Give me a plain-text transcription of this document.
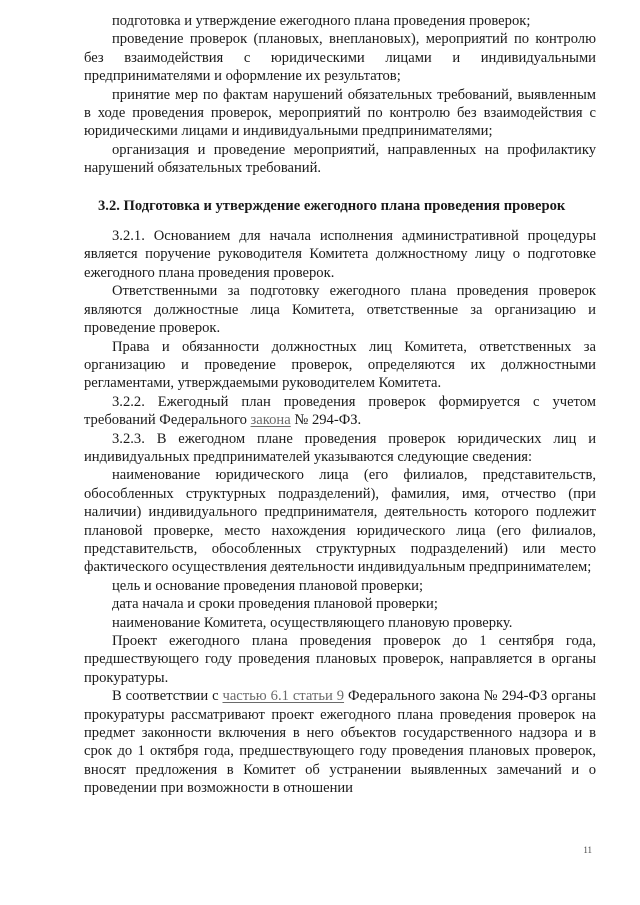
подготовка и утверждение ежегодного плана проведения проверок;

проведение проверок (плановых, внеплановых), мероприятий по контролю без взаимодействия с юридическими лицами и индивидуальными предпринимателями и оформление их результатов;

принятие мер по фактам нарушений обязательных требований, выявленным в ходе проведения проверок, мероприятий по контролю без взаимодействия с юридическими лицами и индивидуальными предпринимателями;

организация и проведение мероприятий, направленных на профилактику нарушений обязательных требований.

3.2. Подготовка и утверждение ежегодного плана проведения проверок

3.2.1. Основанием для начала исполнения административной процедуры является поручение руководителя Комитета должностному лицу о подготовке ежегодного плана проведения проверок.

Ответственными за подготовку ежегодного плана проведения проверок являются должностные лица Комитета, ответственные за организацию и проведение проверок.

Права и обязанности должностных лиц Комитета, ответственных за организацию и проведение проверок, определяются их должностными регламентами, утверждаемыми руководителем Комитета.

3.2.2. Ежегодный план проведения проверок формируется с учетом требований Федерального закона № 294-ФЗ.

3.2.3. В ежегодном плане проведения проверок юридических лиц и индивидуальных предпринимателей указываются следующие сведения:

наименование юридического лица (его филиалов, представительств, обособленных структурных подразделений), фамилия, имя, отчество (при наличии) индивидуального предпринимателя, деятельность которого подлежит плановой проверке, место нахождения юридического лица (его филиалов, представительств, обособленных структурных подразделений) или место фактического осуществления деятельности индивидуальным предпринимателем;

цель и основание проведения плановой проверки;

дата начала и сроки проведения плановой проверки;

наименование Комитета, осуществляющего плановую проверку.

Проект ежегодного плана проведения проверок до 1 сентября года, предшествующего году проведения плановых проверок, направляется в органы прокуратуры.

В соответствии с частью 6.1 статьи 9 Федерального закона № 294-ФЗ органы прокуратуры рассматривают проект ежегодного плана проведения проверок на предмет законности включения в него объектов государственного надзора и в срок до 1 октября года, предшествующего году проведения плановых проверок, вносят предложения в Комитет об устранении выявленных замечаний и о проведении при возможности в отношении

11
